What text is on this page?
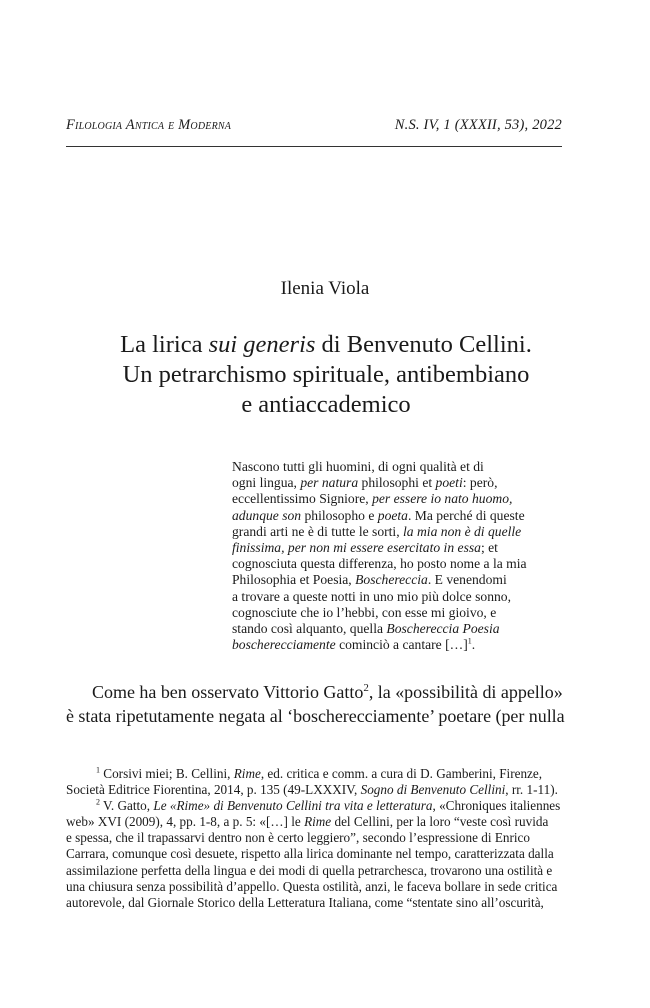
Filologia Antica e Moderna	N.S. IV, 1 (XXXII, 53), 2022
Ilenia Viola
La lirica sui generis di Benvenuto Cellini.
Un petrarchismo spirituale, antibembiano
e antiaccademico
Nascono tutti gli huomini, di ogni qualità et di
ogni lingua, per natura philosophi et poeti: però,
eccellentissimo Signiore, per essere io nato huomo,
adunque son philosopho e poeta. Ma perché di queste
grandi arti ne è di tutte le sorti, la mia non è di quelle
finissima, per non mi essere esercitato in essa; et
cognosciuta questa differenza, ho posto nome a la mia
Philosophia et Poesia, Boschereccia. E venendomi
a trovare a queste notti in uno mio più dolce sonno,
cognosciute che io l’hebbi, con esse mi gioivo, e
stando così alquanto, quella Boschereccia Poesia
boscherecciamente cominciò a cantare […]$^1$.
Come ha ben osservato Vittorio Gatto$^2$, la «possibilità di appello»
è stata ripetutamente negata al ‘boscherecciamente’ poetare (per nulla
$^1$ Corsivi miei; B. Cellini, Rime, ed. critica e comm. a cura di D. Gamberini, Firenze,
Società Editrice Fiorentina, 2014, p. 135 (49-LXXXIV, Sogno di Benvenuto Cellini, rr. 1-11).
$^2$ V. Gatto, Le «Rime» di Benvenuto Cellini tra vita e letteratura, «Chroniques italiennes
web» XVI (2009), 4, pp. 1-8, a p. 5: «[…] le Rime del Cellini, per la loro “veste così ruvida
e spessa, che il trapassarvi dentro non è certo leggiero”, secondo l’espressione di Enrico
Carrara, comunque così desuete, rispetto alla lirica dominante nel tempo, caratterizzata dalla
assimilazione perfetta della lingua e dei modi di quella petrarchesca, trovarono una ostilità e
una chiusura senza possibilità d’appello. Questa ostilità, anzi, le faceva bollare in sede critica
autorevole, dal Giornale Storico della Letteratura Italiana, come “stentate sino all’oscurità,
